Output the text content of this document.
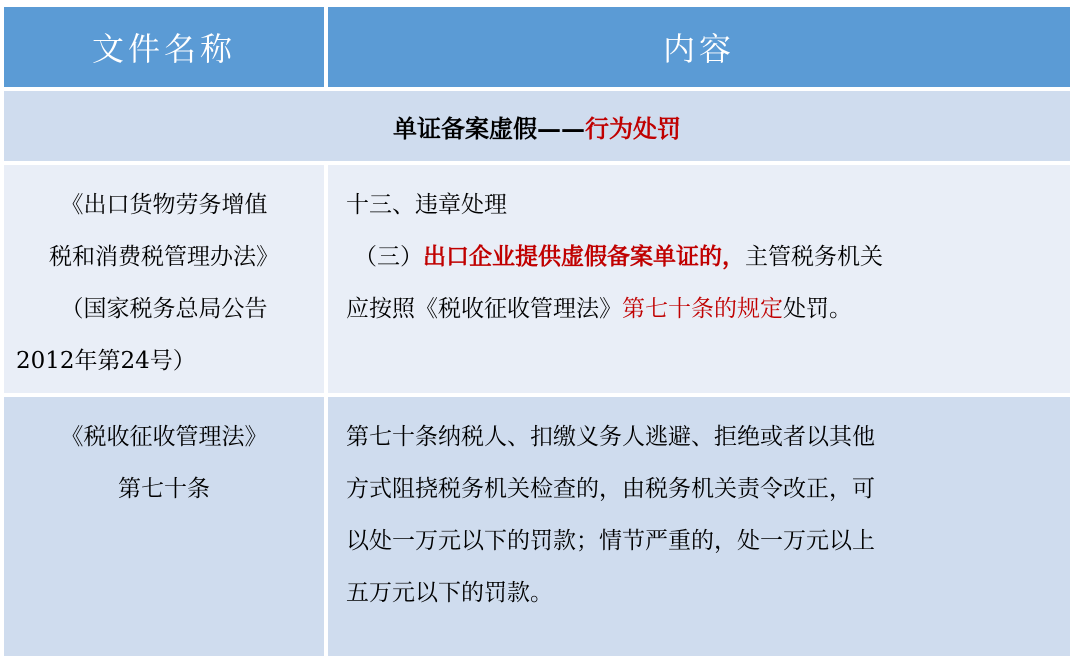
文件名称	内容
单证备案虚假—— 行为处罚
《出口货物劳务增值
税和消费税管理办法》
（国家税务总局公告
2012年第24号）
十三、违章处理
（三）出口企业提供虚假备案单证的，主管税务机关
应按照《税收征收管理法》第七十条的规定处罚。
《税收征收管理法》
第七十条
第七十条纳税人、扣缴义务人逃避、拒绝或者以其他
方式阻挠税务机关检查的，由税务机关责令改正，可
以处一万元以下的罚款；情节严重的，处一万元以上
五万元以下的罚款。
